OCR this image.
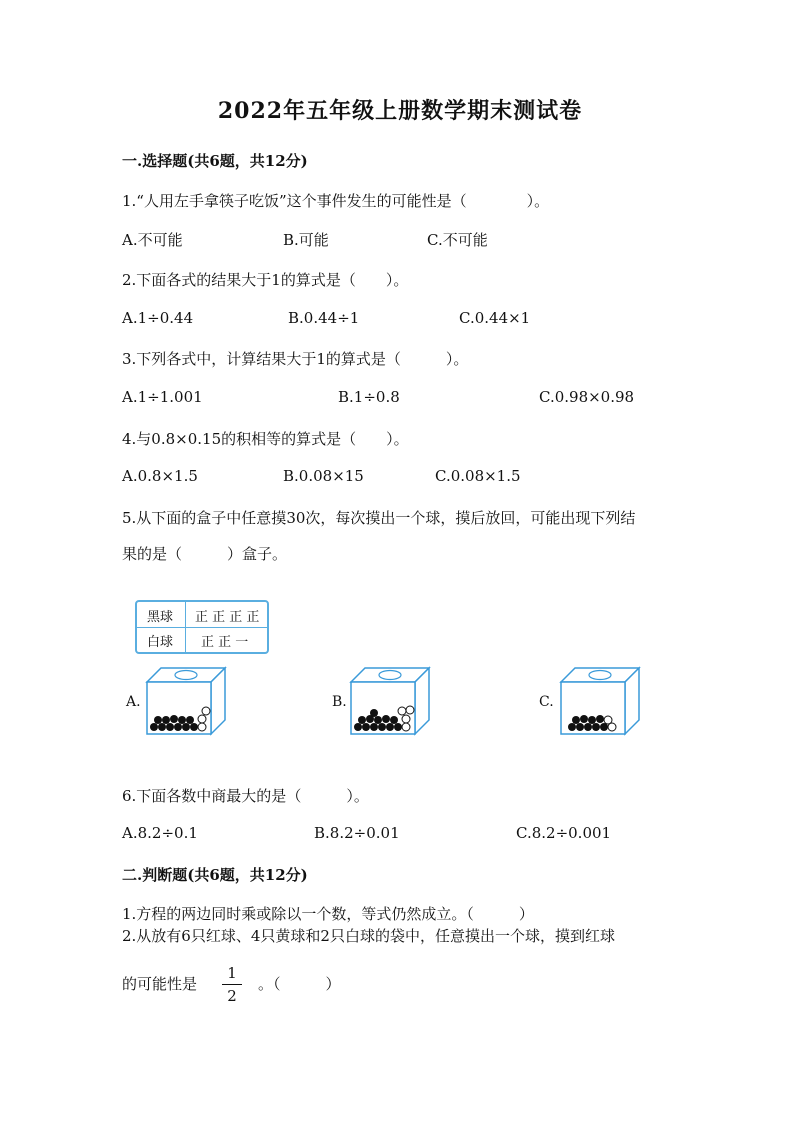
2022年五年级上册数学期末测试卷
一.选择题(共6题，共12分)
1.“人用左手拿筷子吃饭”这个事件发生的可能性是（　　　　）。
A.不可能	B.可能	C.不可能
2.下面各式的结果大于1的算式是（　　）。
A.1÷0.44	B.0.44÷1	C.0.44×1
3.下列各式中，计算结果大于1的算式是（　　　）。
A.1÷1.001	B.1÷0.8	C.0.98×0.98
4.与0.8×0.15的积相等的算式是（　　）。
A.0.8×1.5	B.0.08×15	C.0.08×1.5
5.从下面的盒子中任意摸30次，每次摸出一个球，摸后放回，可能出现下列结
果的是（　　　）盒子。
黑球 正 正 正 正
白球 正 正 一
A.	B.	C.
6.下面各数中商最大的是（　　　）。
A.8.2÷0.1	B.8.2÷0.01	C.8.2÷0.001
二.判断题(共6题，共12分)
1.方程的两边同时乘或除以一个数，等式仍然成立。（　　　）
2.从放有6只红球、4只黄球和2只白球的袋中，任意摸出一个球，摸到红球
的可能性是
1
2
。（　　　）
